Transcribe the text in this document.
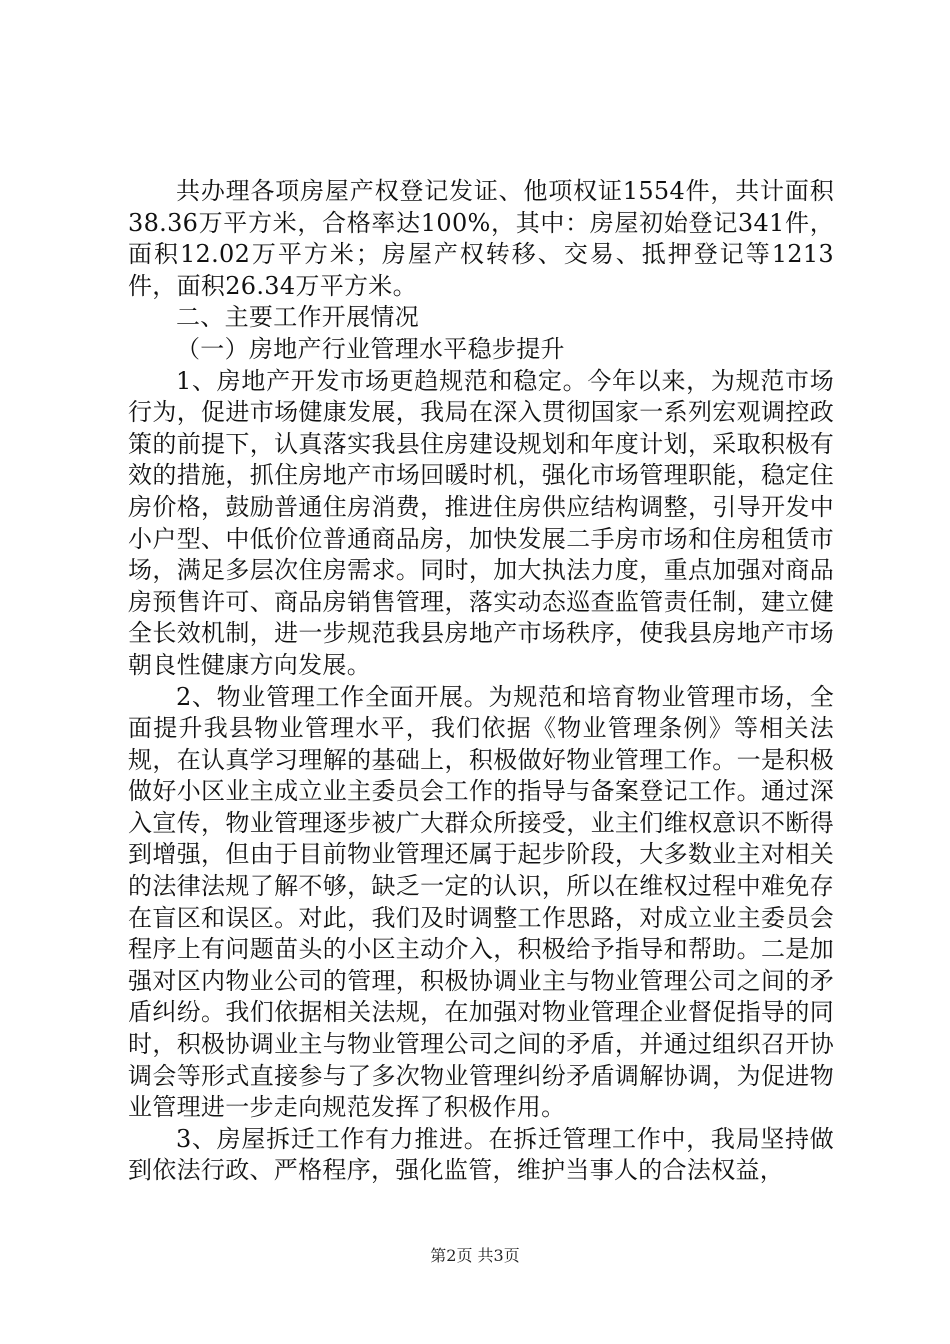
共办理各项房屋产权登记发证、他项权证1554件，共计面积38.36万平方米，合格率达100%，其中：房屋初始登记341件，面积12.02万平方米；房屋产权转移、交易、抵押登记等1213件，面积26.34万平方米。

二、主要工作开展情况

（一）房地产行业管理水平稳步提升

1、房地产开发市场更趋规范和稳定。今年以来，为规范市场行为，促进市场健康发展，我局在深入贯彻国家一系列宏观调控政策的前提下，认真落实我县住房建设规划和年度计划，采取积极有效的措施，抓住房地产市场回暖时机，强化市场管理职能，稳定住房价格，鼓励普通住房消费，推进住房供应结构调整，引导开发中小户型、中低价位普通商品房，加快发展二手房市场和住房租赁市场，满足多层次住房需求。同时，加大执法力度，重点加强对商品房预售许可、商品房销售管理，落实动态巡查监管责任制，建立健全长效机制，进一步规范我县房地产市场秩序，使我县房地产市场朝良性健康方向发展。

2、物业管理工作全面开展。为规范和培育物业管理市场，全面提升我县物业管理水平，我们依据《物业管理条例》等相关法规，在认真学习理解的基础上，积极做好物业管理工作。一是积极做好小区业主成立业主委员会工作的指导与备案登记工作。通过深入宣传，物业管理逐步被广大群众所接受，业主们维权意识不断得到增强，但由于目前物业管理还属于起步阶段，大多数业主对相关的法律法规了解不够，缺乏一定的认识，所以在维权过程中难免存在盲区和误区。对此，我们及时调整工作思路，对成立业主委员会程序上有问题苗头的小区主动介入，积极给予指导和帮助。二是加强对区内物业公司的管理，积极协调业主与物业管理公司之间的矛盾纠纷。我们依据相关法规，在加强对物业管理企业督促指导的同时，积极协调业主与物业管理公司之间的矛盾，并通过组织召开协调会等形式直接参与了多次物业管理纠纷矛盾调解协调，为促进物业管理进一步走向规范发挥了积极作用。

3、房屋拆迁工作有力推进。在拆迁管理工作中，我局坚持做到依法行政、严格程序，强化监管，维护当事人的合法权益，

第2页 共3页
